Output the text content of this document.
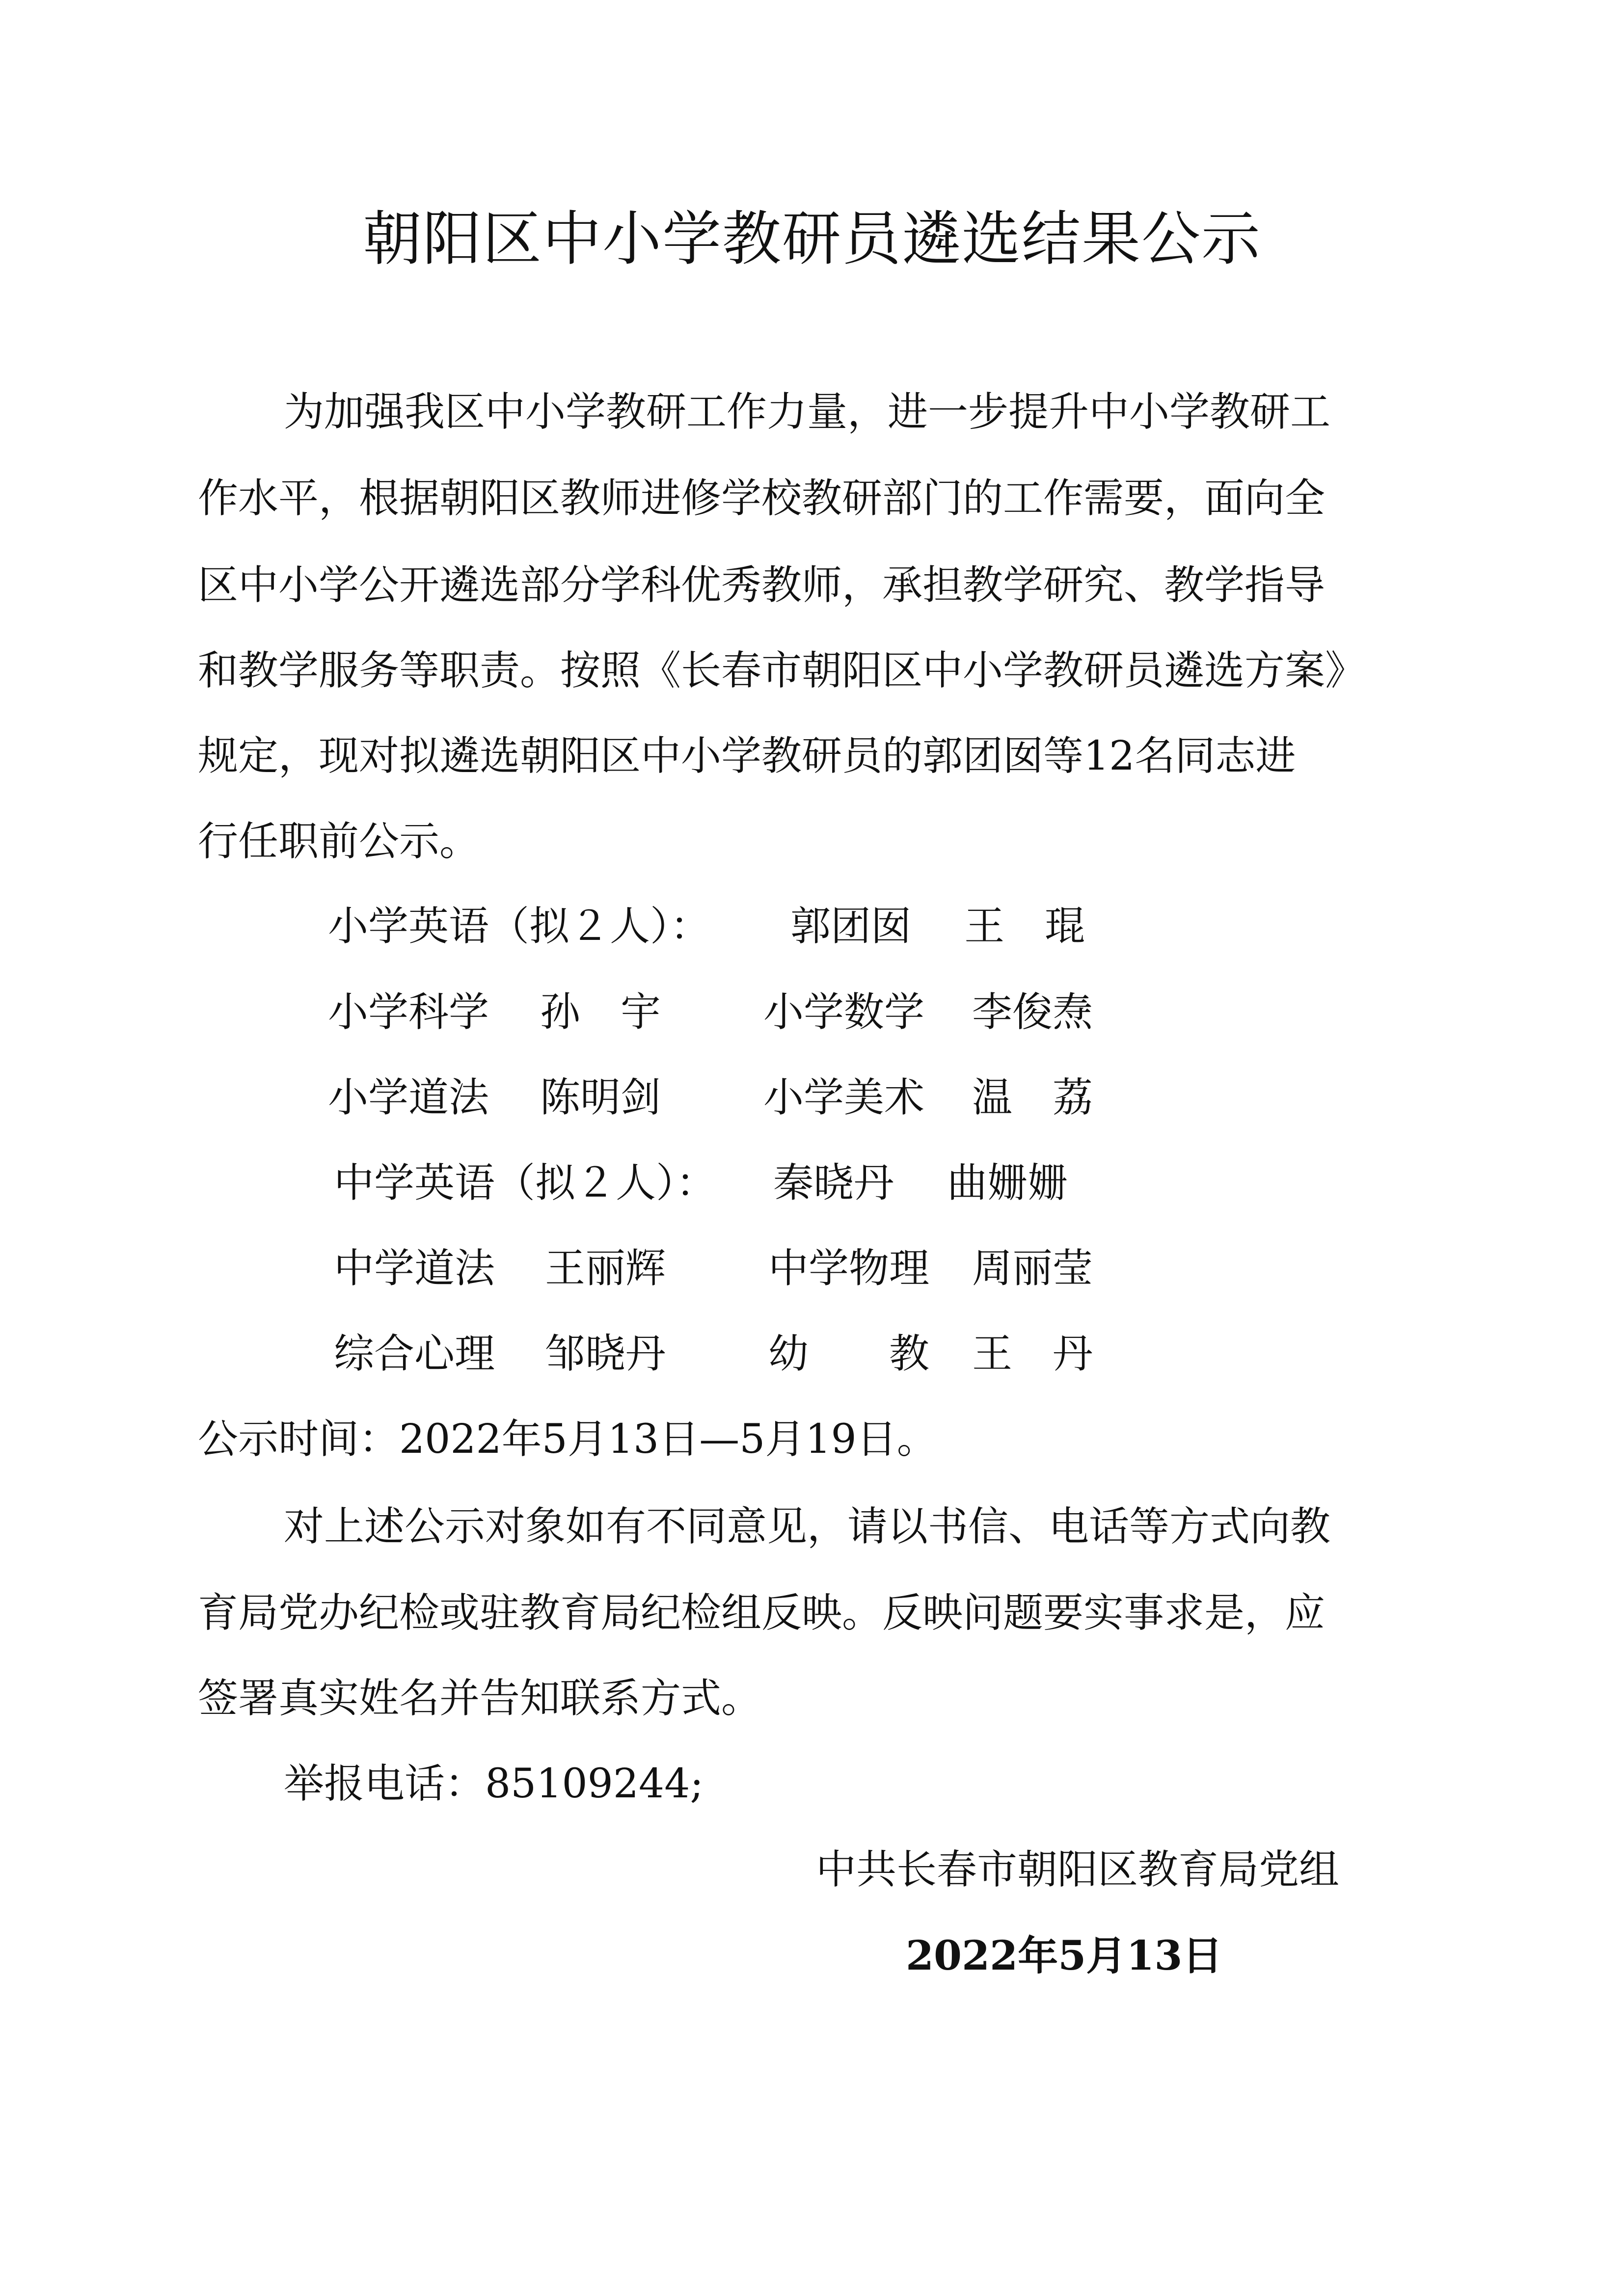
朝阳区中小学教研员遴选结果公示
为加强我区中小学教研工作力量，进一步提升中小学教研工
作水平，根据朝阳区教师进修学校教研部门的工作需要，面向全
区中小学公开遴选部分学科优秀教师，承担教学研究、教学指导
和教学服务等职责。按照《长春市朝阳区中小学教研员遴选方案》
规定，现对拟遴选朝阳区中小学教研员的郭团囡等12名同志进
行任职前公示。
小学英语（拟２人）： 郭团囡　 王　琨
小学科学 孙　宇	小学数学 李俊焘
小学道法 陈明剑	小学美术 温　荔
中学英语（拟２人）： 秦晓丹　 曲姗姗
中学道法 王丽辉	中学物理 周丽莹
综合心理 邹晓丹	幼　　教 王　丹
公示时间：2022年5月13日—5月19日。
对上述公示对象如有不同意见，请以书信、电话等方式向教
育局党办纪检或驻教育局纪检组反映。反映问题要实事求是，应
签署真实姓名并告知联系方式。
举报电话：85109244;
中共长春市朝阳区教育局党组
2022年5月13日
